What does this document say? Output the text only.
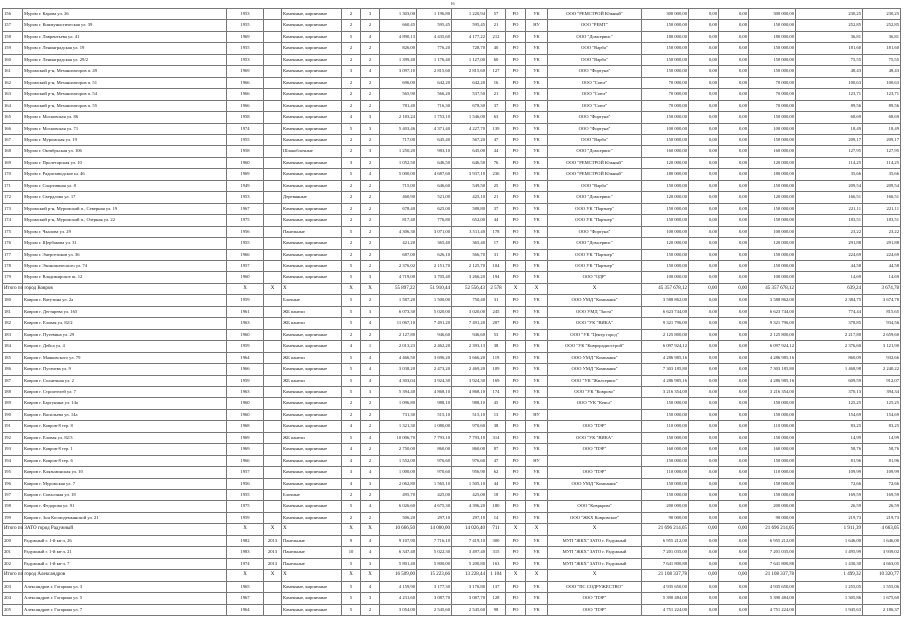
16
156	Муром г. Карова ул. 26	1953		Каменные, кирпичные	2	3	1 303,00	1 196,80	1 220,94	57	РО	УК	ООО "РЕМСТРОЙ Южный"	300 000,00	0,00	0,00	300 000,00	230,25	230,25
157	Муром г. Коммунистическая ул. 39	1955		Каменные, кирпичные	2	2	660,45	595,45	595,45	21	РО	НУ	ООО "РЕМТ"	150 000,00	0,00	0,00	150 000,00	252,85	252,85
158	Муром г. Лаврентьева ул. 41	1969		Каменные, кирпичные	5	4	4 890,13	4 435,60	4 177,22	212	РО	УК	ООО "Домсервис"	180 000,00	0,00	0,00	180 000,00	36,81	36,81
159	Муром г. Ленинградская ул. 19	1955		Каменные, кирпичные	2	2	826,00	776,20	728,70	40	РО	УК	ООО "Варба"	150 000,00	0,00	0,00	150 000,00	181,60	181,60
160	Муром г. Ленинградская ул. 29/2	1953		Каменные, кирпичные	2	2	1 399,40	1 176,40	1 127,00	60	РО	УК	ООО "Варба"	150 000,00	0,00	0,00	150 000,00	75,55	75,55
161	Муромский р-н, Механизаторов п. 49	1969		Каменные, кирпичные	3	4	3 097,10	2 815,60	2 815,60	127	РО	УК	ООО "Фортуна"	150 000,00	0,00	0,00	150 000,00	48,43	48,43
162	Муромский р-н, Механизаторов п. 51	1966		Каменные, кирпичные	2	2	696,00	642,20	642,20	16	РО	УК	ООО "Союз"	70 000,00	0,00	0,00	70 000,00	100,63	100,63
163	Муромский р-н, Механизаторов п. 54	1966		Каменные, кирпичные	2	2	565,90	566,20	537,50	21	РО	УК	ООО "Союз"	70 000,00	0,00	0,00	70 000,00	123,71	123,71
164	Муромский р-н, Механизаторов п. 55	1966		Каменные, кирпичные	2	2	781,40	716,30	678,30	37	РО	УК	ООО "Союз"	70 000,00	0,00	0,00	70 000,00	89,56	89,56
165	Муром г. Московская ул. 86	1958		Каменные, кирпичные	4	3	2 183,24	1 753,10	1 546,00	63	РО	УК	ООО "Фортуна"	150 000,00	0,00	0,00	150 000,00	68,69	68,69
166	Муром г. Московская ул. 71	1974		Каменные, кирпичные	5	3	5 403,46	4 371,40	4 227,70	139	РО	УК	ООО "Фортуна"	100 000,00	0,00	0,00	100 000,00	18,49	18,49
167	Муром г. Муромская ул. 19	1955		Каменные, кирпичные	2	2	717,00	645,40	567,20	47	РО	УК	ООО "Варба"	150 000,00	0,00	0,00	150 000,00	209,17	209,17
168	Муром г. Октябрьская ул. 106	1958		Шлакоблочные	2	3	1 250,20	983,10	645,00	44	РО	УК	ООО "Домсервис"	160 000,00	0,00	0,00	160 000,00	127,95	127,95
169	Муром г. Пролетарская ул. 10	1960		Каменные, кирпичные	3	2	1 052,50	646,50	646,50	76	РО	УК	ООО "РЕМСТРОЙ Южный"	120 000,00	0,00	0,00	120 000,00	114,25	114,25
170	Муром г. Радиозаводское ш. 46	1969		Каменные, кирпичные	5	4	5 000,00	4 687,60	3 937,10	236	РО	УК	ООО "РЕМСТРОЙ Южный"	180 000,00	0,00	0,00	180 000,00	35,66	35,66
171	Муром г. Спортивная ул. 8	1949		Каменные, кирпичные	2	2	715,00	646,60	549,50	25	РО	УК	ООО "Варба"	150 000,00	0,00	0,00	150 000,00	209,54	209,54
172	Муром г. Свердлова ул. 17	1953		Деревянные	2	2	460,90	521,00	425,10	21	РО	УК	ООО "Домсервис"	120 000,00	0,00	0,00	120 000,00	166,51	166,51
173	Муромский р-н, Муромский п., Северная ул. 19	1967		Каменные, кирпичные	2	2	678,40	625,00	588,80	37	РО	УК	ООО УК "Партнер"	150 000,00	0,00	0,00	150 000,00	221,11	221,11
174	Муромский р-н, Муромский п., Озерная ул. 22	1975		Каменные, кирпичные	2	2	817,40	776,80	652,00	44	РО	УК	ООО УК "Партнер"	150 000,00	0,00	0,00	150 000,00	183,51	183,51
175	Муром г. Чкалова ул. 29	1956		Панельные	5	2	4 306,30	3 071,00	3 511,40	178	РО	УК	ООО "Фортуна"	100 000,00	0,00	0,00	100 000,00	23,22	23,22
176	Муром г. Щербакова ул. 31	1955		Каменные, кирпичные	2	2	421,20	365,40	365,40	17	РО	УК	ООО "Домсервис"	120 000,00	0,00	0,00	120 000,00	291,88	291,88
177	Муром г. Энергетиков ул. 36	1966		Каменные, кирпичные	2	2	687,00	626,10	566,70	31	РО	УК	ООО УК "Партнер"	150 000,00	0,00	0,00	150 000,00	224,69	224,69
178	Муром г. Экономического ул. 74	1957		Каменные, кирпичные	5	2	2 376,02	2 151,70	2 125,70	104	РО	УК	ООО УК "Партнер"	150 000,00	0,00	0,00	150 000,00	44,58	44,58
179	Муром г. Владимирское ш. 12	1960		Каменные, кирпичные	5	3	4 719,00	3 705,40	3 266,20	194	РО	УК	ООО "ОДР"	100 000,00	0,00	0,00	100 000,00	14,69	14,69
Итого по город Ковров		X	X	X	X	X	55 897,22	51 910,44	52 556,43	2 578	X	X	X	45 357 678,12	0,00	0,00	45 357 678,12	639,24	3 674,78
180	Ковров г. Ватутина ул. 2а	1959		Блочные	5	2	1 587,20	1 500,00	750,40	31	РО	УК	ООО УМД "Компания"	3 588 862,00	0,00	0,00	3 588 862,00	2 384,75	3 674,78
181	Ковров г. Дегтярева ул. 165	1961		ЖБ панели	5	3	6 073,30	5 020,00	3 020,00	245	РО	УК	ООО УМД "Заста"	6 623 744,00	0,00	0,00	6 623 744,00	774,44	815,65
182	Ковров г. Еловая ул. 82/2	1963		ЖБ панели	5	4	11 067,10	7 491,20	7 491,20	287	РО	УК	ООО "УК "ВИКА"	9 321 796,00	0,00	0,00	9 321 796,00	378,85	934,56
183	Ковров г. Путевина ул. 29	1960		Каменные, кирпичные	2	2	2 127,80	946,60	946,60	53	РО	УК	ООО "УК "Центр город"	2 125 800,00	0,00	0,00	2 125 800,00	2 217,80	2 659,60
184	Ковров г. Дейса ул. 4	1959		Каменные, кирпичные	4	1	2 013,23	2 462,20	2 393,13	38	РО	УК	ООО "УК "Коврорадиострой"	6 097 924,12	0,00	0,00	6 097 924,12	2 376,60	3 121,90
185	Ковров г. Маяковского ул. 79	1964		ЖБ панели	5	4	4 466,50	3 696,20	3 666,20	119	РО	УК	ООО УМД "Компания"	4 286 985,16	0,00	0,00	4 286 985,16	860,09	932,66
186	Ковров г. Пугачева ул. 9	1966		Каменные, кирпичные	5	4	3 038,20	2 473,20	2 469,20	109	РО	УК	ООО УМД "Компания"	7 303 185,80	0,00	0,00	7 303 185,80	1 468,98	2 240,22
187	Ковров г. Солнечная ул. 2	1959		ЖБ панели	5	4	4 303,04	3 924,30	3 924,30	169	РО	УК	ООО "УК "Жилсервис"	4 286 985,16	0,00	0,00	4 286 985,16	609,59	912,07
188	Ковров г. Строителей ул. 7	1963		Каменные, кирпичные	5	3	5 394,40	4 868,10	4 868,10	174	РО	УК	ООО "УК "Коврово"	3 216 354,00	0,00	0,00	3 216 354,00	370,13	394,34
189	Ковров г. Баргунина ул. 14а	1960		Каменные, кирпичные	2	2	1 096,80	988,10	988,10	45	РО	УК	ООО "УК "Кевсл"	150 000,00	0,00	0,00	150 000,00	125,25	125,25
190	Ковров г. Васильева ул. 14а	1960		Каменные, кирпичные	2	2	731,30	515,10	515,10	13	РО	НУ		150 000,00	0,00	0,00	150 000,00	154,69	154,69
191	Ковров г. Ковров-8 тер. 8	1968		Каменные, кирпичные	4	2	1 321,30	1 080,00	970,60	38	РО	УК	ООО "ПЭР"	110 000,00	0,00	0,00	110 000,00	83,25	83,25
192	Ковров г. Еловая ул. 82/3	1969		ЖБ панели	5	4	10 006,70	7 793,10	7 793,10	314	РО	УК	ООО "УК "ВИКА"	150 000,00	0,00	0,00	150 000,00	14,99	14,99
193	Ковров г. Ковров-8 тер. 1	1969		Каменные, кирпичные	4	2	2 750,00	860,00	860,00	87	РО	УК	ООО "ПЭР"	160 000,00	0,00	0,00	160 000,00	58,76	58,76
194	Ковров г. Ковров-8 тер. 6	1966		Каменные, кирпичные	4	2	1 552,00	976,60	976,60	47	РО	НУ		150 000,00	0,00	0,00	150 000,00	81,96	81,96
195	Ковров г. Клязьминская ул. 10	1957		Каменные, кирпичные	3	4	1 000,00	970,60	956,90	62	РО	УК	ООО "ПЭР"	110 000,00	0,00	0,00	110 000,00	109,99	109,99
196	Ковров г. Муромская ул. 7	1956		Каменные, кирпичные	4	3	2 062,80	1 565,10	1 505,10	44	РО	УК	ООО УМД "Компания"	150 000,00	0,00	0,00	150 000,00	72,66	72,66
197	Ковров г. Совхозная ул. 18	1955		Блочные	2	2	495,70	425,00	425,00	18	РО	УК		150 000,00	0,00	0,00	150 000,00	169,59	169,59
198	Ковров г. Федорова ул. 91	1975		Каменные, кирпичные	5	4	6 026,60	4 675,30	4 396,20	180	РО	УК	ООО "Ковркрим"	200 000,00	0,00	0,00	200 000,00	26,59	26,59
199	Ковров г. Зои Космодемьянской ул. 21	1959		Каменные, кирпичные	2	2	506,20	297,10	297,10	14	РО	УК	ООО "ЖКХ Ковровское"	90 000,00	0,00	0,00	90 000,00	219,73	219,73
Итого по ЗАТО город Радужный		X	X	X	X	X	10 666,50	14 000,00	14 026,40	711	X	X	X	21 696 214,05	0,00	0,00	21 696 214,05	1 911,39	4 663,05
200	Радужный г. 1-й кв-л, 26	1982	2013	Панельные	9	4	9 107,90	7 716,10	7 419,10	300	РО	УК	МУП "ЖКХ" ЗАТО г. Радужный	6 955 212,00	0,00	0,00	6 955 212,00	1 646,00	1 646,00
201	Радужный г. 1-й кв-л, 21	1983	2013	Панельные	10	4	6 347,40	5 022,30	3 497,40	315	РО	УК	МУП "ЖКХ" ЗАТО г. Радужный	7 201 035,00	0,00	0,00	7 201 035,00	1 495,99	3 939,02
202	Радужный г. 1-й кв-л, 7	1974	2013	Панельные	5	3	5 801,40	5 800,00	5 200,80	163	РО	УК	МУП "ЖКХ" ЗАТО г. Радужный	7 641 800,88	0,00	0,00	7 641 800,88	1 430,30	4 663,05
Итого по город Александров		X	X	X	X	X	16 509,00	15 223,66	13 228,44	1 104	X	X	X	21 108 337,78	0,00	0,00	21 108 337,78	1 499,32	10 320,77
203	Александров г. Гагарина ул. 3	1965		Каменные, кирпичные	5	4	4 159,90	3 177,30	3 176,80	137	РО	УК	ООО "ПС СОДРУЖЕСТВО"	4 935 650,00	0,00	0,00	4 935 650,00	1 255,05	1 555,06
204	Александров г. Гагарина ул. 5	1967		Каменные, кирпичные	5	3	4 231,60	3 087,70	3 087,70	128	РО	УК	ООО "ПЭР"	5 390 484,00	0,00	0,00	5 390 484,00	1 305,86	1 675,60
205	Александров г. Гагарина ул. 7	1964		Каменные, кирпичные	5	2	3 054,00	2 545,60	2 545,60	98	РО	УК	ООО "ПЭР"	4 751 224,00	0,00	0,00	4 751 224,00	1 945,63	2 186,37
